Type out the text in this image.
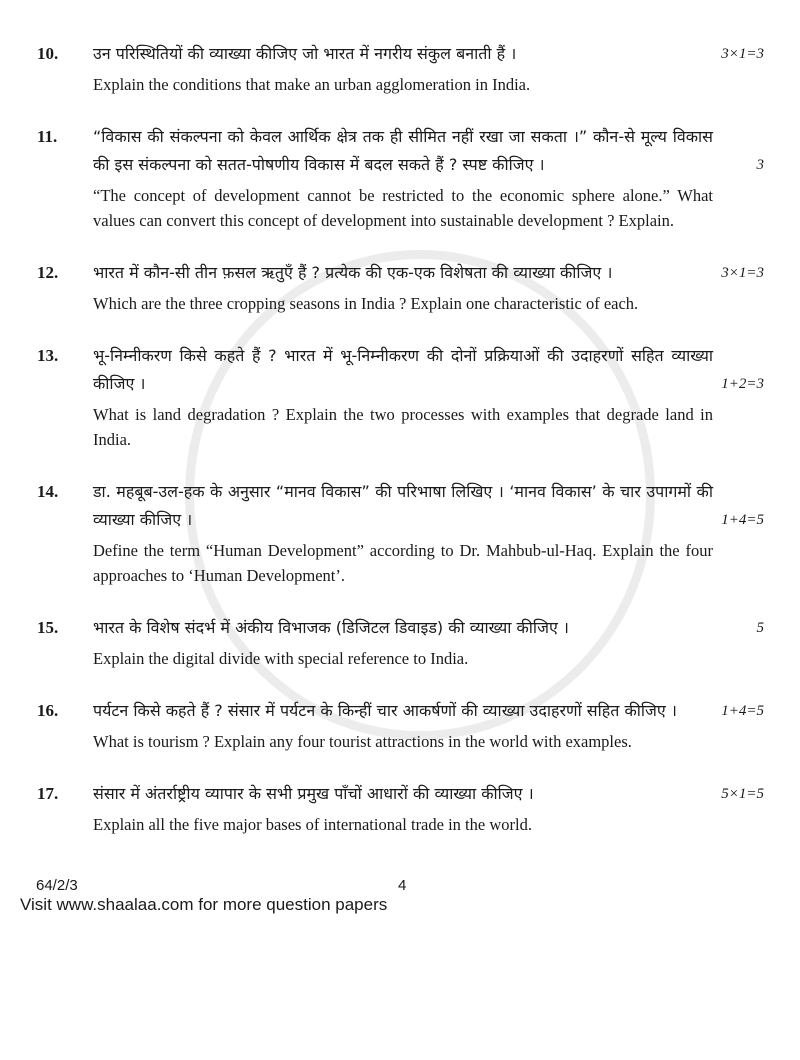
10.	उन परिस्थितियों की व्याख्या कीजिए जो भारत में नगरीय संकुल बनाती हैं ।	3×1=3
Explain the conditions that make an urban agglomeration in India.
11.	“विकास की संकल्पना को केवल आर्थिक क्षेत्र तक ही सीमित नहीं रखा जा सकता ।” कौन-से मूल्य विकास की इस संकल्पना को सतत-पोषणीय विकास में बदल सकते हैं ? स्पष्ट कीजिए ।	3
“The concept of development cannot be restricted to the economic sphere alone.” What values can convert this concept of development into sustainable development ? Explain.
12.	भारत में कौन-सी तीन फ़सल ऋतुएँ हैं ? प्रत्येक की एक-एक विशेषता की व्याख्या कीजिए ।	3×1=3
Which are the three cropping seasons in India ? Explain one characteristic of each.
13.	भू-निम्नीकरण किसे कहते हैं ? भारत में भू-निम्नीकरण की दोनों प्रक्रियाओं की उदाहरणों सहित व्याख्या कीजिए ।	1+2=3
What is land degradation ? Explain the two processes with examples that degrade land in India.
14.	डा. महबूब-उल-हक के अनुसार “मानव विकास” की परिभाषा लिखिए । ‘मानव विकास’ के चार उपागमों की व्याख्या कीजिए ।	1+4=5
Define the term “Human Development” according to Dr. Mahbub-ul-Haq. Explain the four approaches to ‘Human Development’.
15.	भारत के विशेष संदर्भ में अंकीय विभाजक (डिजिटल डिवाइड) की व्याख्या कीजिए ।	5
Explain the digital divide with special reference to India.
16.	पर्यटन किसे कहते हैं ? संसार में पर्यटन के किन्हीं चार आकर्षणों की व्याख्या उदाहरणों सहित कीजिए ।	1+4=5
What is tourism ? Explain any four tourist attractions in the world with examples.
17.	संसार में अंतर्राष्ट्रीय व्यापार के सभी प्रमुख पाँचों आधारों की व्याख्या कीजिए ।	5×1=5
Explain all the five major bases of international trade in the world.
64/2/3	4
Visit www.shaalaa.com for more question papers
